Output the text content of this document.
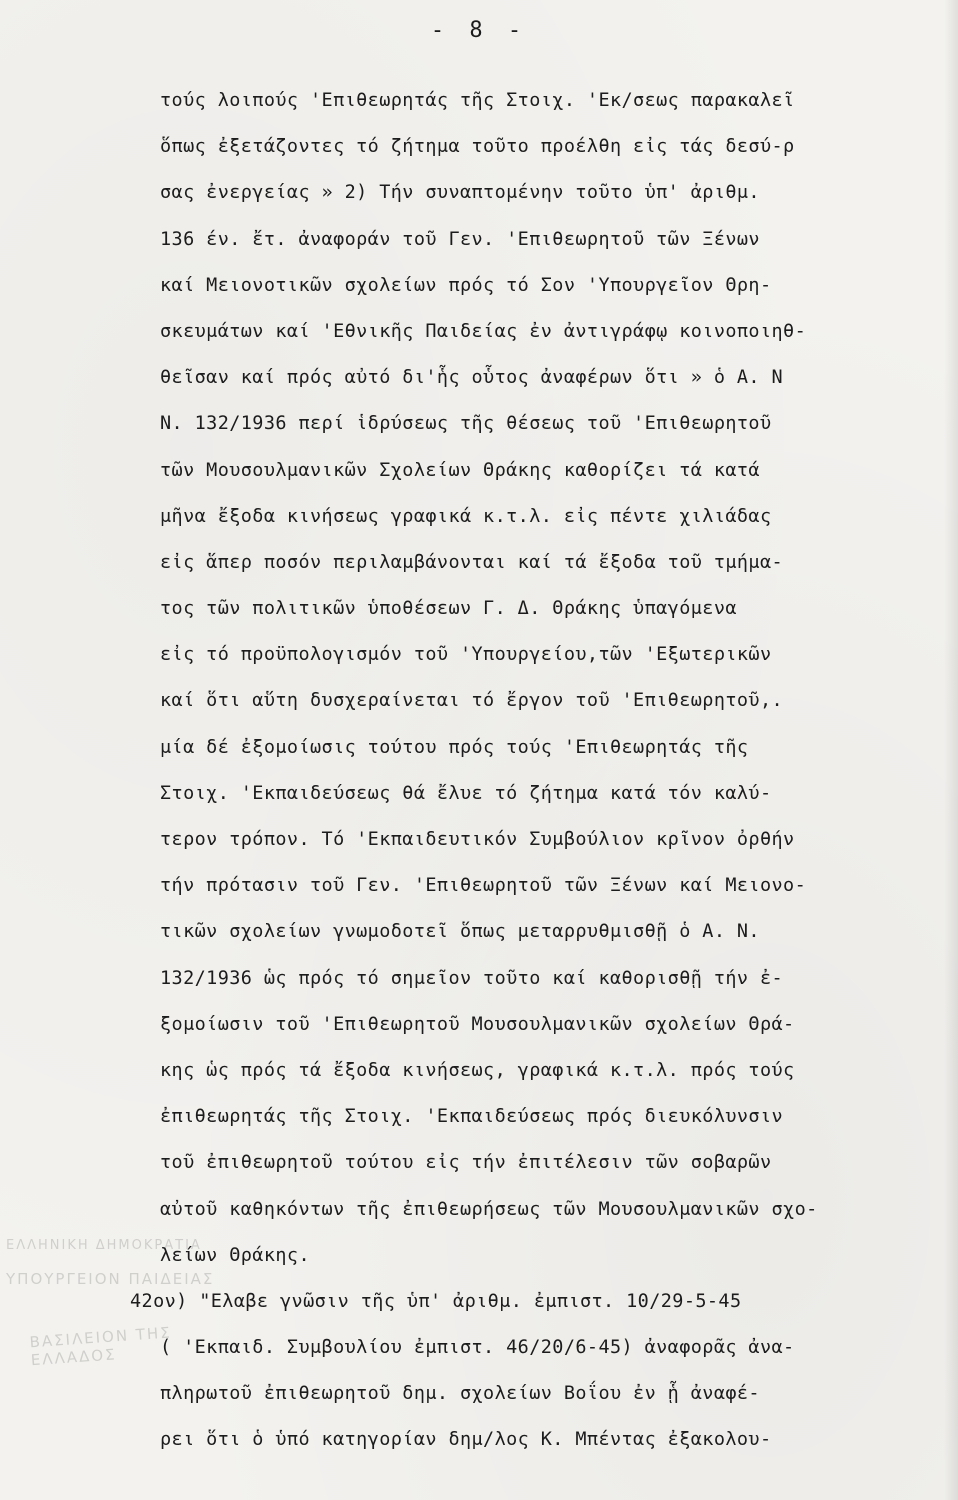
- 8 -
τούς λοιπούς 'Επιθεωρητάς τῆς Στοιχ. 'Εκ/σεως παρακαλεῖ
ὅπως ἐξετάζοντες τό ζήτημα τοῦτο προέλθη εἰς τάς δεσύ-ρ
σας ἐνεργείας » 2) Τήν συναπτομένην τοῦτο ὑπ' ἀριθμ.
136 έν. ἔτ. ἀναφοράν τοῦ Γεν. 'Επιθεωρητοῦ τῶν Ξένων
καί Μειονοτικῶν σχολείων πρός τό Σον 'Υπουργεῖον Θρη-
σκευμάτων καί 'Εθνικῆς Παιδείας ἐν ἀντιγράφῳ κοινοποιηθ-
θεῖσαν καί πρός αὐτό δι'ἧς οὗτος ἀναφέρων ὅτι » ὁ Α. Ν
Ν. 132/1936 περί ἱδρύσεως τῆς θέσεως τοῦ 'Επιθεωρητοῦ
τῶν Μουσουλμανικῶν Σχολείων Θράκης καθορίζει τά κατά
μῆνα ἔξοδα κινήσεως γραφικά κ.τ.λ. εἰς πέντε χιλιάδας
εἰς ἅπερ ποσόν περιλαμβάνονται καί τά ἔξοδα τοῦ τμήμα-
τος τῶν πολιτικῶν ὑποθέσεων Γ. Δ. Θράκης ὑπαγόμενα
εἰς τό προϋπολογισμόν τοῦ 'Υπουργείου,τῶν 'Εξωτερικῶν
καί ὅτι αὕτη δυσχεραίνεται τό ἔργον τοῦ 'Επιθεωρητοῦ,.
μία δέ ἐξομοίωσις τούτου πρός τούς 'Επιθεωρητάς τῆς
Στοιχ. 'Εκπαιδεύσεως θά ἔλυε τό ζήτημα κατά τόν καλύ-
τερον τρόπον. Τό 'Εκπαιδευτικόν Συμβούλιον κρῖνον ὀρθήν
τήν πρότασιν τοῦ Γεν. 'Επιθεωρητοῦ τῶν Ξένων καί Μειονο-
τικῶν σχολείων γνωμοδοτεῖ ὅπως μεταρρυθμισθῇ ὁ Α. Ν.
132/1936 ὡς πρός τό σημεῖον τοῦτο καί καθορισθῇ τήν ἐ-
ξομοίωσιν τοῦ 'Επιθεωρητοῦ Μουσουλμανικῶν σχολείων Θρά-
κης ὡς πρός τά ἔξοδα κινήσεως, γραφικά κ.τ.λ. πρός τούς
ἐπιθεωρητάς τῆς Στοιχ. 'Εκπαιδεύσεως πρός διευκόλυνσιν
τοῦ ἐπιθεωρητοῦ τούτου εἰς τήν ἐπιτέλεσιν τῶν σοβαρῶν
αὐτοῦ καθηκόντων τῆς ἐπιθεωρήσεως τῶν Μουσουλμανικῶν σχο-
λείων Θράκης.
42ον) "Ελαβε γνῶσιν τῆς ὑπ' ἀριθμ. ἐμπιστ. 10/29-5-45
( 'Εκπαιδ. Συμβουλίου ἐμπιστ. 46/20/6-45) ἀναφορᾶς ἀνα-
πληρωτοῦ ἐπιθεωρητοῦ δημ. σχολείων Βοΐου ἐν ᾗ ἀναφέ-
ρει ὅτι ὁ ὑπό κατηγορίαν δημ/λος Κ. Μπέντας ἐξακολου-
ΕΛΛΗΝΙΚΗ ΔΗΜΟΚΡΑΤΙΑ
ΥΠΟΥΡΓΕΙΟΝ ΠΑΙΔΕΙΑΣ
ΒΑΣΙΛΕΙΟΝ ΤΗΣ ΕΛΛΑΔΟΣ
